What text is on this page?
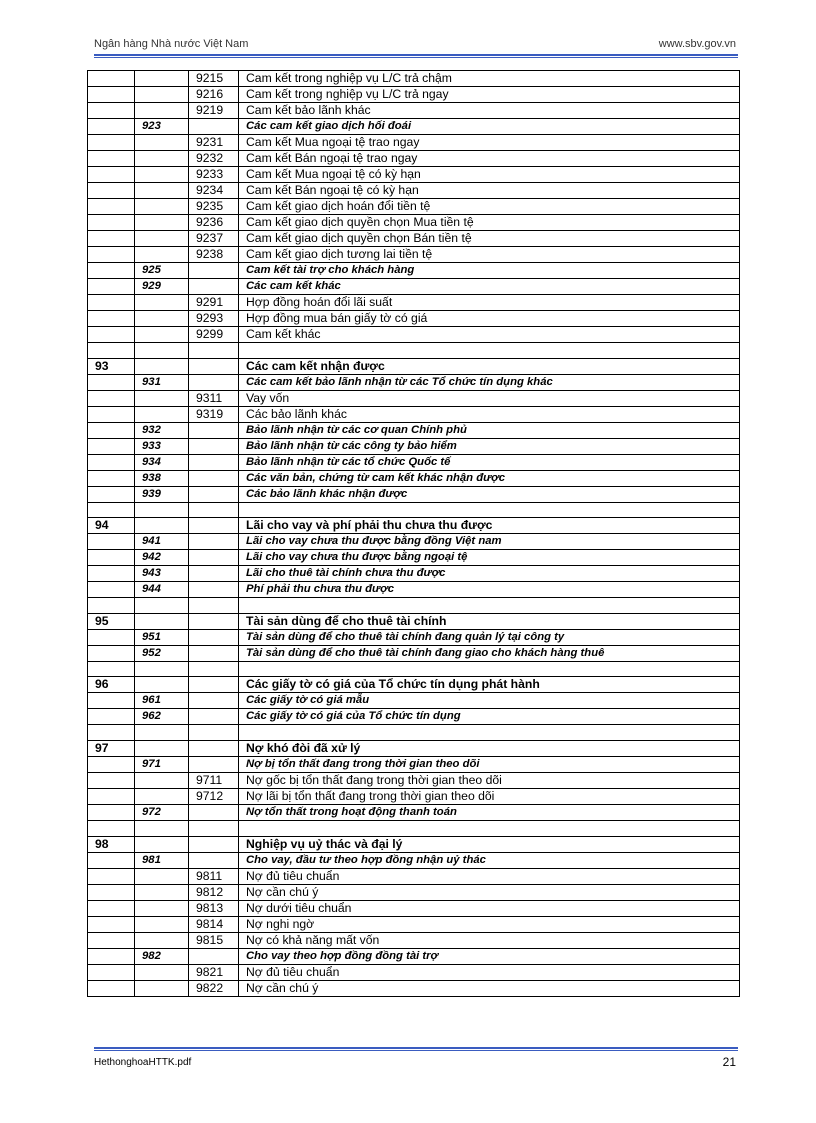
Ngân hàng Nhà nước Việt Nam	www.sbv.gov.vn
		9215	Cam kết trong nghiệp vụ L/C trả chậm
		9216	Cam kết trong nghiệp vụ L/C trả ngay
		9219	Cam kết bảo lãnh khác
	923		Các cam kết giao dịch hối đoái
		9231	Cam kết Mua ngoại tệ trao ngay
		9232	Cam kết Bán ngoại tệ trao ngay
		9233	Cam kết Mua ngoại tệ có kỳ hạn
		9234	Cam kết Bán ngoại tệ có kỳ hạn
		9235	Cam kết giao dịch hoán đổi tiền tệ
		9236	Cam kết giao dịch quyền chọn Mua tiền tệ
		9237	Cam kết giao dịch quyền chọn Bán tiền tệ
		9238	Cam kết giao dịch tương lai tiền tệ
	925		Cam kết tài trợ cho khách hàng
	929		Các cam kết khác
		9291	Hợp đồng hoán đổi lãi suất
		9293	Hợp đồng mua bán giấy tờ có giá
		9299	Cam kết khác

93			Các cam kết nhận được
	931		Các cam kết bảo lãnh nhận từ các Tổ chức tín dụng khác
		9311	Vay vốn
		9319	Các bảo lãnh khác
	932		Bảo lãnh nhận từ các cơ quan Chính phủ
	933		Bảo lãnh nhận từ các công ty bảo hiểm
	934		Bảo lãnh nhận từ các tổ chức Quốc tế
	938		Các văn bản, chứng từ cam kết khác nhận được
	939		Các bảo lãnh khác nhận được

94			Lãi cho vay và phí phải thu chưa thu được
	941		Lãi cho vay chưa thu được bằng đồng Việt nam
	942		Lãi cho vay chưa thu được bằng ngoại tệ
	943		Lãi cho thuê tài chính chưa thu được
	944		Phí phải thu chưa thu được

95			Tài sản dùng để cho thuê tài chính
	951		Tài sản dùng để cho thuê tài chính đang quản lý tại công ty
	952		Tài sản dùng để cho thuê tài chính đang giao cho khách hàng thuê

96			Các giấy tờ có giá của Tổ chức tín dụng phát hành
	961		Các giấy tờ có giá mẫu
	962		Các giấy tờ có giá của Tổ chức tín dụng

97			Nợ khó đòi đã xử lý
	971		Nợ bị tổn thất đang trong thời gian theo dõi
		9711	Nợ gốc bị tổn thất đang trong thời gian theo dõi
		9712	Nợ lãi bị tổn thất đang trong thời gian theo dõi
	972		Nợ tổn thất trong hoạt động thanh toán

98			Nghiệp vụ uỷ thác và đại lý
	981		Cho vay, đầu tư theo hợp đồng nhận uỷ thác
		9811	Nợ đủ tiêu chuẩn
		9812	Nợ cần chú ý
		9813	Nợ dưới tiêu chuẩn
		9814	Nợ nghi ngờ
		9815	Nợ có khả năng mất vốn
	982		Cho vay theo hợp đồng đồng tài trợ
		9821	Nợ đủ tiêu chuẩn
		9822	Nợ cần chú ý
HethonghoaHTTK.pdf	21
